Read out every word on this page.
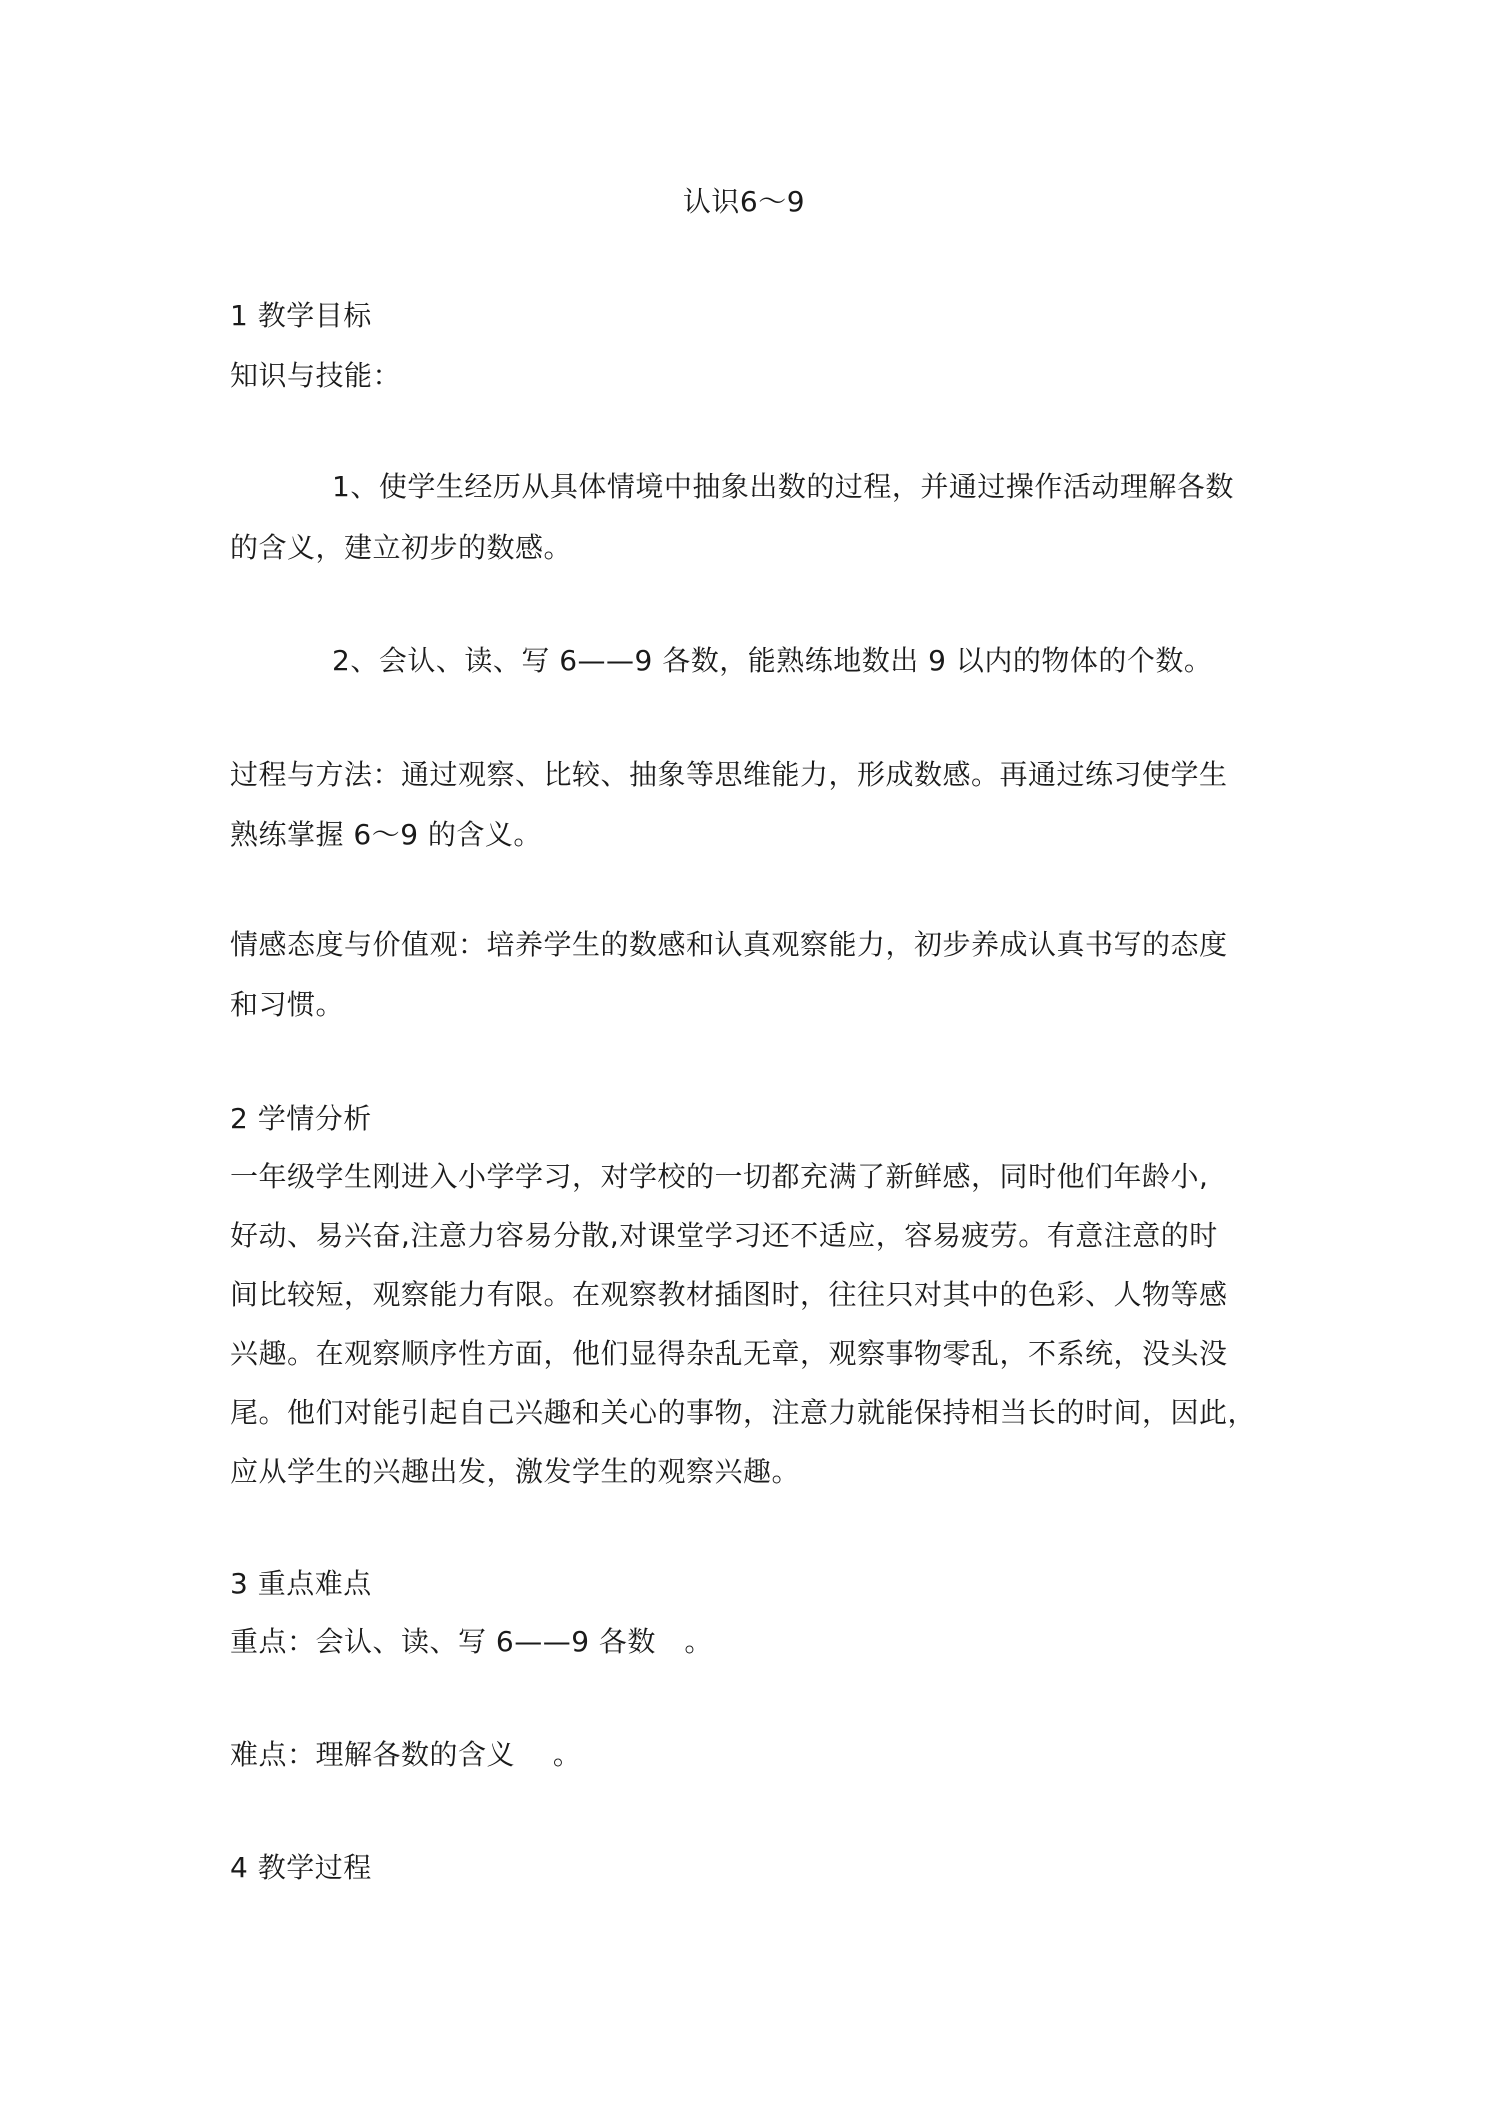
认识6～9
1 教学目标
知识与技能：
1、使学生经历从具体情境中抽象出数的过程，并通过操作活动理解各数
的含义，建立初步的数感。
2、会认、读、写 6——9 各数，能熟练地数出 9 以内的物体的个数。
过程与方法：通过观察、比较、抽象等思维能力，形成数感。再通过练习使学生
熟练掌握 6～9 的含义。
情感态度与价值观：培养学生的数感和认真观察能力，初步养成认真书写的态度
和习惯。
2 学情分析
一年级学生刚进入小学学习，对学校的一切都充满了新鲜感，同时他们年龄小,
好动、易兴奋,注意力容易分散,对课堂学习还不适应，容易疲劳。有意注意的时
间比较短，观察能力有限。在观察教材插图时，往往只对其中的色彩、人物等感
兴趣。在观察顺序性方面，他们显得杂乱无章，观察事物零乱，不系统，没头没
尾。他们对能引起自己兴趣和关心的事物，注意力就能保持相当长的时间，因此，
应从学生的兴趣出发，激发学生的观察兴趣。
3 重点难点
重点：会认、读、写 6——9 各数　。
难点：理解各数的含义　 。
4 教学过程
